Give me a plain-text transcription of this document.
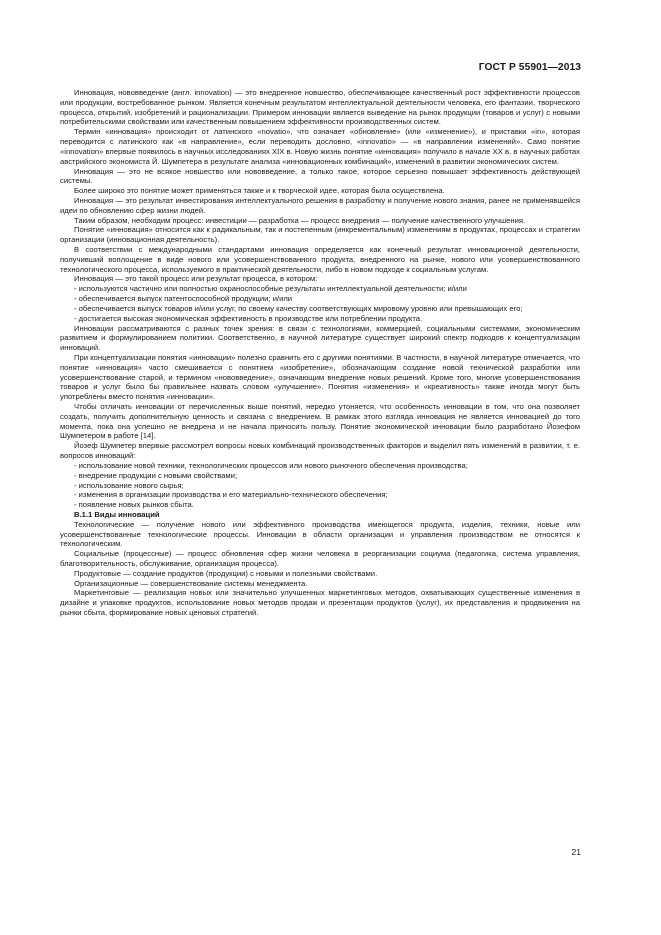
ГОСТ Р 55901—2013

Инновация, нововведение (англ. innovation) — это внедренное новшество, обеспечивающее качественный рост эффективности процессов или продукции, востребованное рынком. Является конечным результатом интеллектуальной деятельности человека, его фантазии, творческого процесса, открытий, изобретений и рационализации. Примером инновации является выведение на рынок продукции (товаров и услуг) с новыми потребительскими свойствами или качественным повышением эффективности производственных систем.

Термин «инновация» происходит от латинского «novatio», что означает «обновление» (или «изменение»), и приставки «in», которая переводится с латинского как «в направление», если переводить дословно, «innovatio» — «в направлении изменений». Само понятие «innovation» впервые появилось в научных исследованиях XIX в. Новую жизнь понятие «инновация» получило в начале XX в. в научных работах австрийского экономиста Й. Шумпетера в результате анализа «инновационных комбинаций», изменений в развитии экономических систем.

Инновация — это не всякое новшество или нововведение, а только такое, которое серьезно повышает эффективность действующей системы.

Более широко это понятие может применяться также и к творческой идее, которая была осуществлена.

Инновация — это результат инвестирования интеллектуального решения в разработку и получение нового знания, ранее не применявшейся идеи по обновлению сфер жизни людей.

Таким образом, необходим процесс: инвестиции — разработка — процесс внедрения — получение качественного улучшения.

Понятие «инновация» относится как к радикальным, так и постепенным (инкрементальным) изменениям в продуктах, процессах и стратегии организации (инновационная деятельность).

В соответствии с международными стандартами инновация определяется как конечный результат инновационной деятельности, получивший воплощение в виде нового или усовершенствованного продукта, внедренного на рынке, нового или усовершенствованного технологического процесса, используемого в практической деятельности, либо в новом подходе к социальным услугам.

Инновация — это такой процесс или результат процесса, в котором:

- используются частично или полностью охраноспособные результаты интеллектуальной деятельности; и/или

- обеспечивается выпуск патентоспособной продукции; и/или

- обеспечивается выпуск товаров и/или услуг, по своему качеству соответствующих мировому уровню или превышающих его;

- достигается высокая экономическая эффективность в производстве или потреблении продукта.

Инновации рассматриваются с разных точек зрения: в связи с технологиями, коммерцией, социальными системами, экономическим развитием и формулированием политики. Соответственно, в научной литературе существует широкий спектр подходов к концептуализации инноваций.

При концептуализации понятия «инновации» полезно сравнить его с другими понятиями. В частности, в научной литературе отмечается, что понятие «инновация» часто смешивается с понятием «изобретение», обозначающим создание новой технической разработки или усовершенствование старой, и термином «нововведение», означающим внедрение новых решений. Кроме того, многие усовершенствования товаров и услуг было бы правильнее назвать словом «улучшение». Понятия «изменения» и «креативность» также иногда могут быть употреблены вместо понятия «инновации».

Чтобы отличать инновации от перечисленных выше понятий, нередко утоняется, что особенность инновации в том, что она позволяет создать, получить дополнительную ценность и связана с внедрением. В рамках этого взгляда инновация не является инновацией до того момента, пока она успешно не внедрена и не начала приносить пользу. Понятие экономической инновации было разработано Йозефом Шумпетером в работе [14].

Йозеф Шумпетер впервые рассмотрел вопросы новых комбинаций производственных факторов и выделил пять изменений в развитии, т. е. вопросов инноваций:

- использование новой техники, технологических процессов или нового рыночного обеспечения производства;

- внедрение продукции с новыми свойствами;

- использование нового сырья;

- изменения в организации производства и его материально-технического обеспечения;

- появление новых рынков сбыта.

В.1.1 Виды инноваций

Технологические — получение нового или эффективного производства имеющегося продукта, изделия, техники, новые или усовершенствованные технологические процессы. Инновации в области организации и управления производством не относятся к технологическим.

Социальные (процессные) — процесс обновления сфер жизни человека в реорганизации социума (педагогика, система управления, благотворительность, обслуживание, организация процесса).

Продуктовые — создание продуктов (продукции) с новыми и полезными свойствами.

Организационные — совершенствование системы менеджмента.

Маркетинговые — реализация новых или значительно улучшенных маркетинговых методов, охватывающих существенные изменения в дизайне и упаковке продуктов, использование новых методов продаж и презентации продуктов (услуг), их представления и продвижения на рынки сбыта, формирование новых ценовых стратегий.

21
